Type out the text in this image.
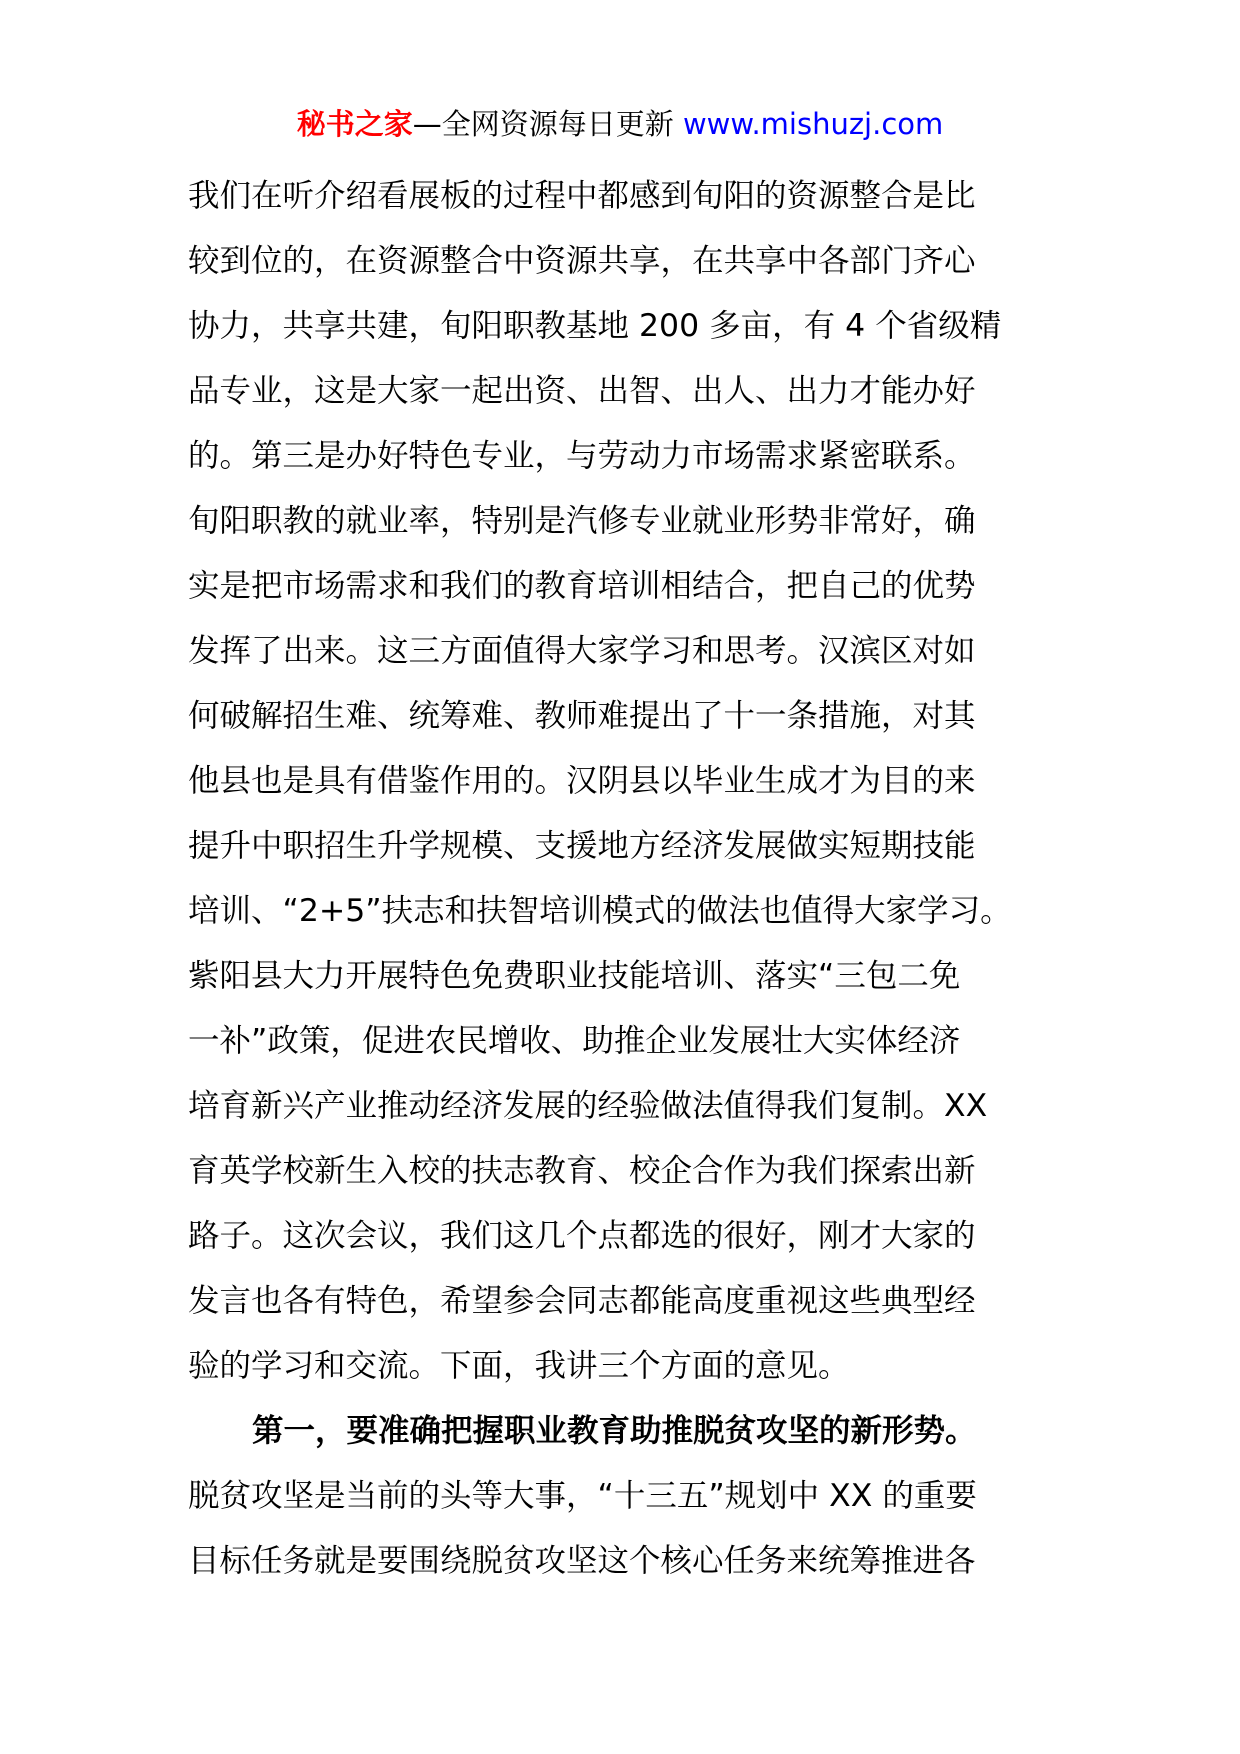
秘书之家—全网资源每日更新 www.mishuzj.com
我们在听介绍看展板的过程中都感到旬阳的资源整合是比
较到位的，在资源整合中资源共享，在共享中各部门齐心
协力，共享共建，旬阳职教基地 200 多亩，有 4 个省级精
品专业，这是大家一起出资、出智、出人、出力才能办好
的。第三是办好特色专业，与劳动力市场需求紧密联系。
旬阳职教的就业率，特别是汽修专业就业形势非常好，确
实是把市场需求和我们的教育培训相结合，把自己的优势
发挥了出来。这三方面值得大家学习和思考。汉滨区对如
何破解招生难、统筹难、教师难提出了十一条措施，对其
他县也是具有借鉴作用的。汉阴县以毕业生成才为目的来
提升中职招生升学规模、支援地方经济发展做实短期技能
培训、“2+5”扶志和扶智培训模式的做法也值得大家学习。
紫阳县大力开展特色免费职业技能培训、落实“三包二免
一补”政策，促进农民增收、助推企业发展壮大实体经济
培育新兴产业推动经济发展的经验做法值得我们复制。XX
育英学校新生入校的扶志教育、校企合作为我们探索出新
路子。这次会议，我们这几个点都选的很好，刚才大家的
发言也各有特色，希望参会同志都能高度重视这些典型经
验的学习和交流。下面，我讲三个方面的意见。
第一，要准确把握职业教育助推脱贫攻坚的新形势。
脱贫攻坚是当前的头等大事，“十三五”规划中 XX 的重要
目标任务就是要围绕脱贫攻坚这个核心任务来统筹推进各
